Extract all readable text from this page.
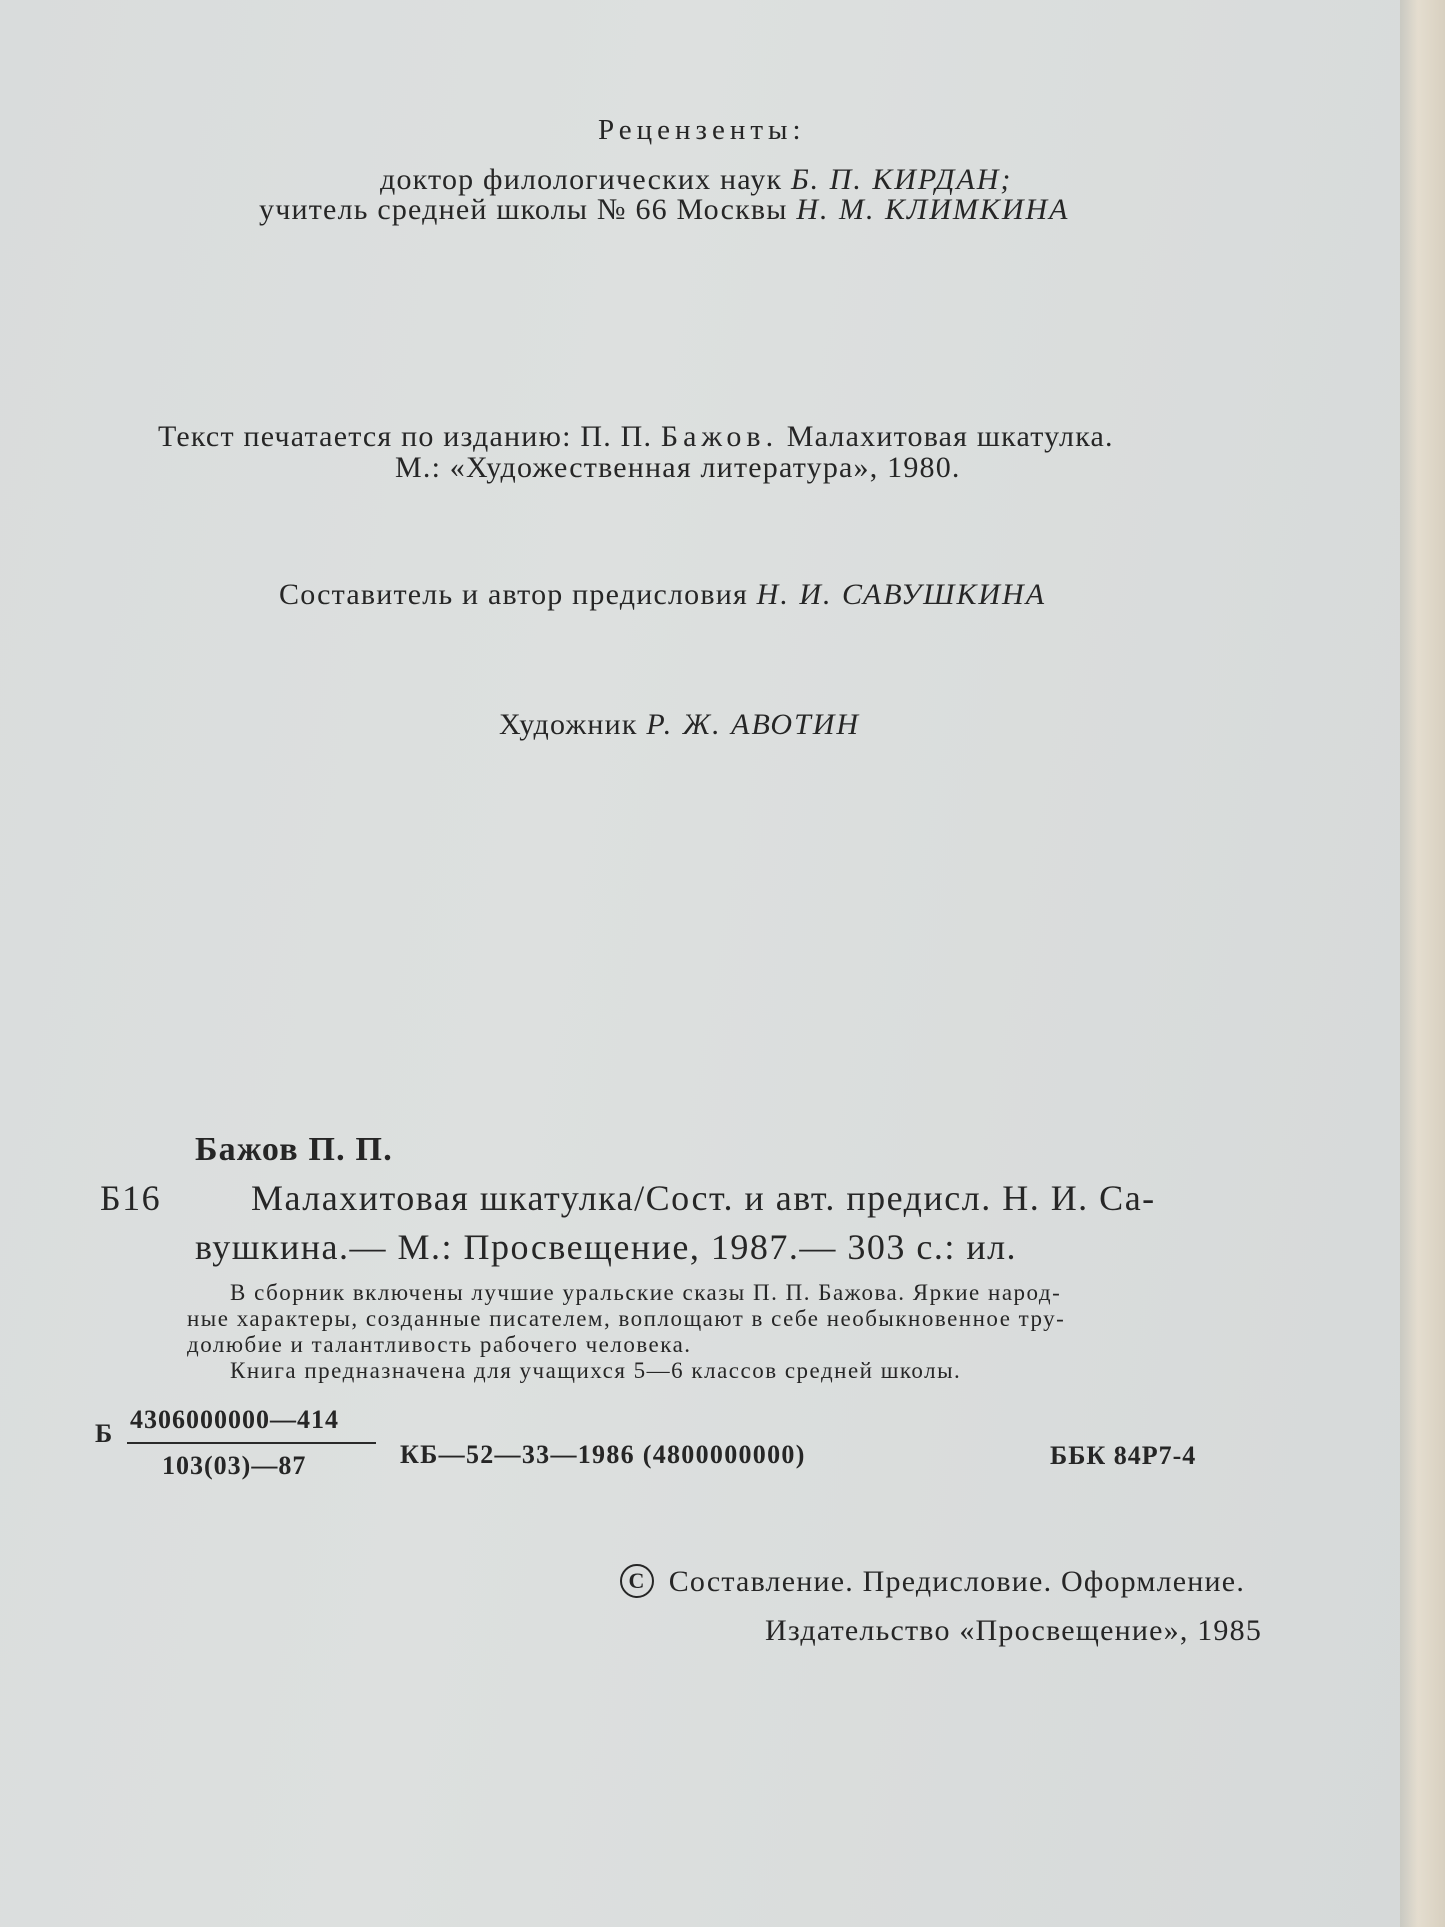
Рецензенты:
доктор филологических наук Б. П. КИРДАН;
учитель средней школы № 66 Москвы Н. М. КЛИМКИНА
Текст печатается по изданию: П. П. Бажов. Малахитовая шкатулка.
М.: «Художественная литература», 1980.
Составитель и автор предисловия Н. И. САВУШКИНА
Художник Р. Ж. АВОТИН
Бажов П. П.
Б16 Малахитовая шкатулка/Сост. и авт. предисл. Н. И. Са-
вушкина.— М.: Просвещение, 1987.— 303 с.: ил.
В сборник включены лучшие уральские сказы П. П. Бажова. Яркие народ-
ные характеры, созданные писателем, воплощают в себе необыкновенное тру-
долюбие и талантливость рабочего человека.
Книга предназначена для учащихся 5—6 классов средней школы.
Б 4306000000—414
103(03)—87	КБ—52—33—1986 (4800000000)	ББК 84Р7-4
С Составление. Предисловие. Оформление.
Издательство «Просвещение», 1985
